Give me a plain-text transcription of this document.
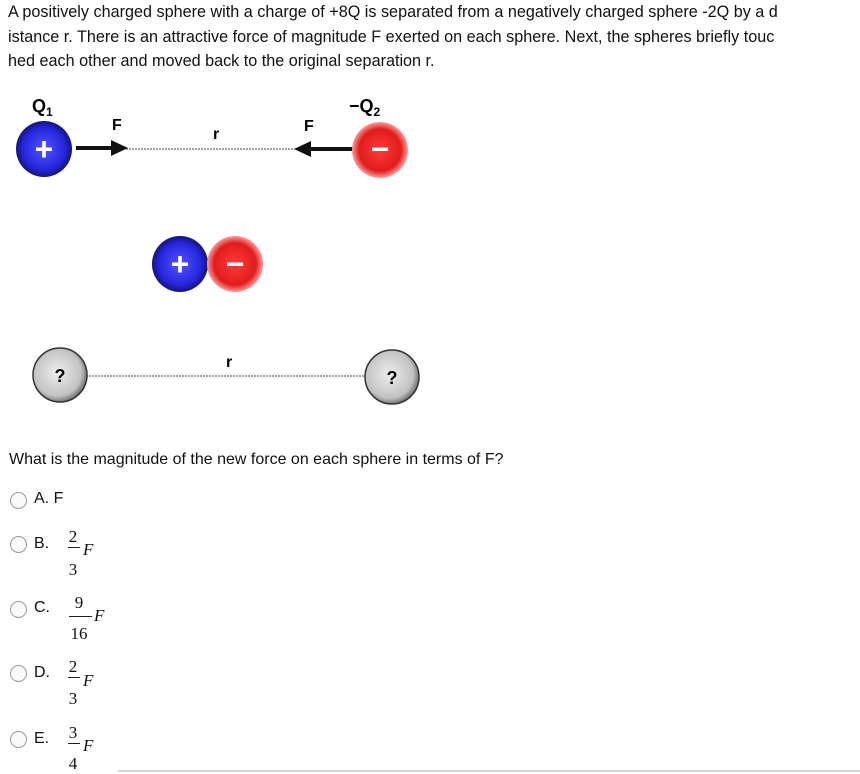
A positively charged sphere with a charge of +8Q is separated from a negatively charged sphere -2Q by a d
istance r. There is an attractive force of magnitude F exerted on each sphere. Next, the spheres briefly touc
hed each other and moved back to the original separation r.
$Q_1$	$-Q_2$
F	F
r
+	−
+ −
r
?	?
What is the magnitude of the new force on each sphere in terms of F?
A. F
B.	2
3
F
C.	9
16
F
D.	2
3
F
E.	3
4
F
